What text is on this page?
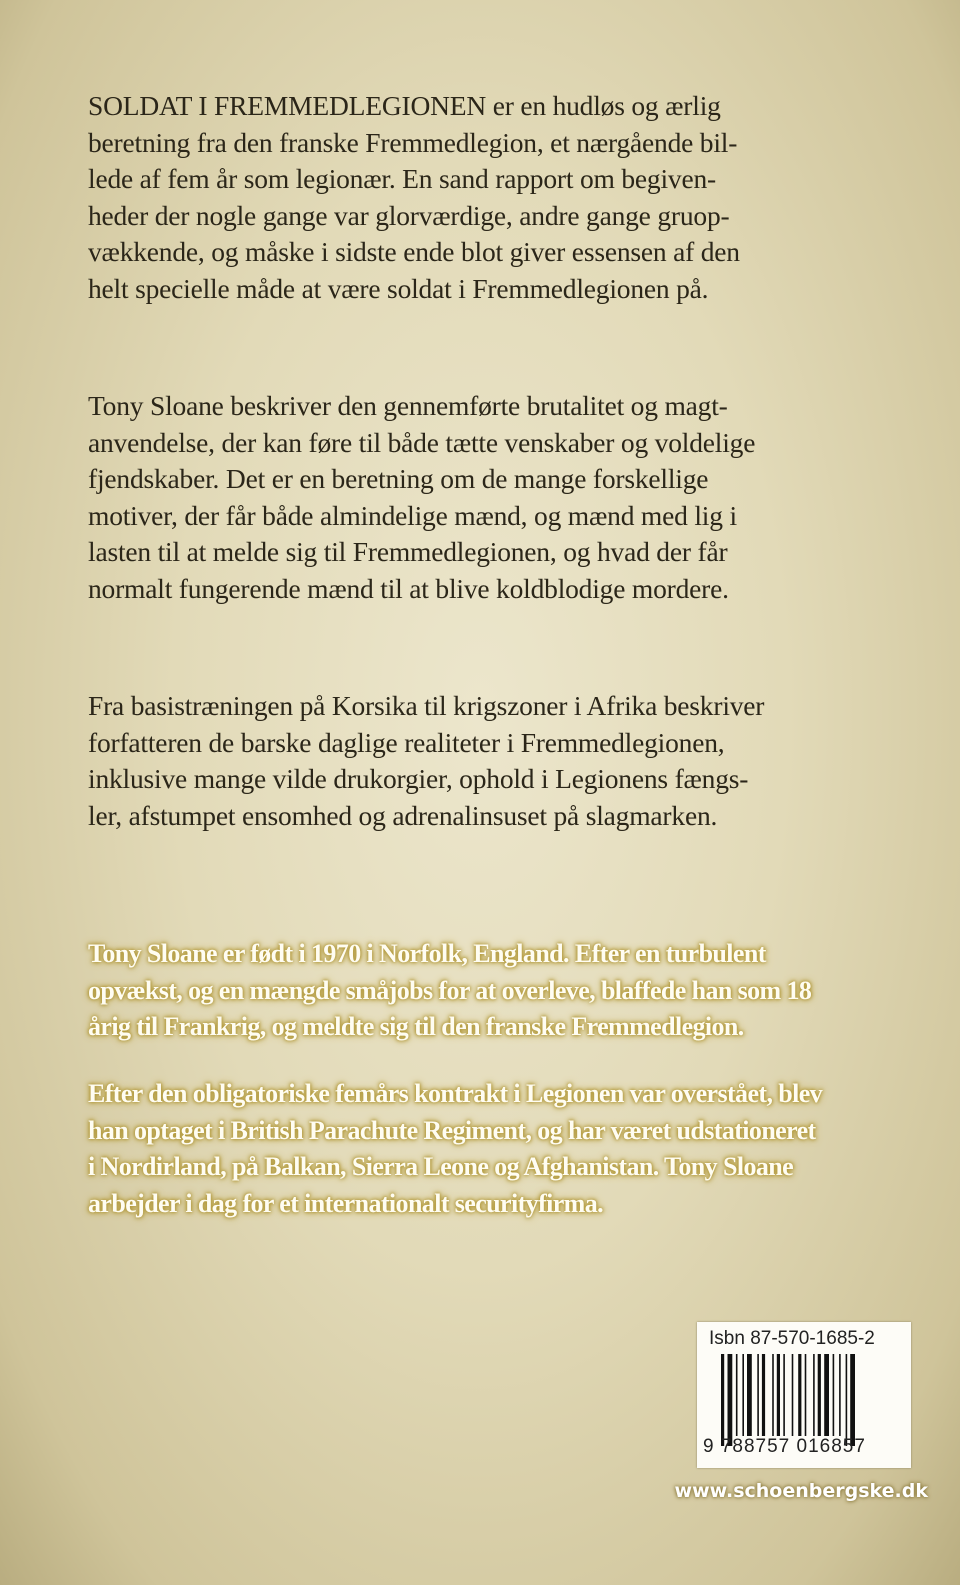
SOLDAT I FREMMEDLEGIONEN er en hudløs og ærlig
beretning fra den franske Fremmedlegion, et nærgående bil-
lede af fem år som legionær. En sand rapport om begiven-
heder der nogle gange var glorværdige, andre gange gruop-
vækkende, og måske i sidste ende blot giver essensen af den
helt specielle måde at være soldat i Fremmedlegionen på.
Tony Sloane beskriver den gennemførte brutalitet og magt-
anvendelse, der kan føre til både tætte venskaber og voldelige
fjendskaber. Det er en beretning om de mange forskellige
motiver, der får både almindelige mænd, og mænd med lig i
lasten til at melde sig til Fremmedlegionen, og hvad der får
normalt fungerende mænd til at blive koldblodige mordere.
Fra basistræningen på Korsika til krigszoner i Afrika beskriver
forfatteren de barske daglige realiteter i Fremmedlegionen,
inklusive mange vilde drukorgier, ophold i Legionens fængs-
ler, afstumpet ensomhed og adrenalinsuset på slagmarken.
Tony Sloane er født i 1970 i Norfolk, England. Efter en turbulent
opvækst, og en mængde småjobs for at overleve, blaffede han som 18
årig til Frankrig, og meldte sig til den franske Fremmedlegion.
Efter den obligatoriske femårs kontrakt i Legionen var overstået, blev
han optaget i British Parachute Regiment, og har været udstationeret
i Nordirland, på Balkan, Sierra Leone og Afghanistan. Tony Sloane
arbejder i dag for et internationalt securityfirma.
Isbn 87-570-1685-2
9 788757 016857
www.schoenbergske.dk
